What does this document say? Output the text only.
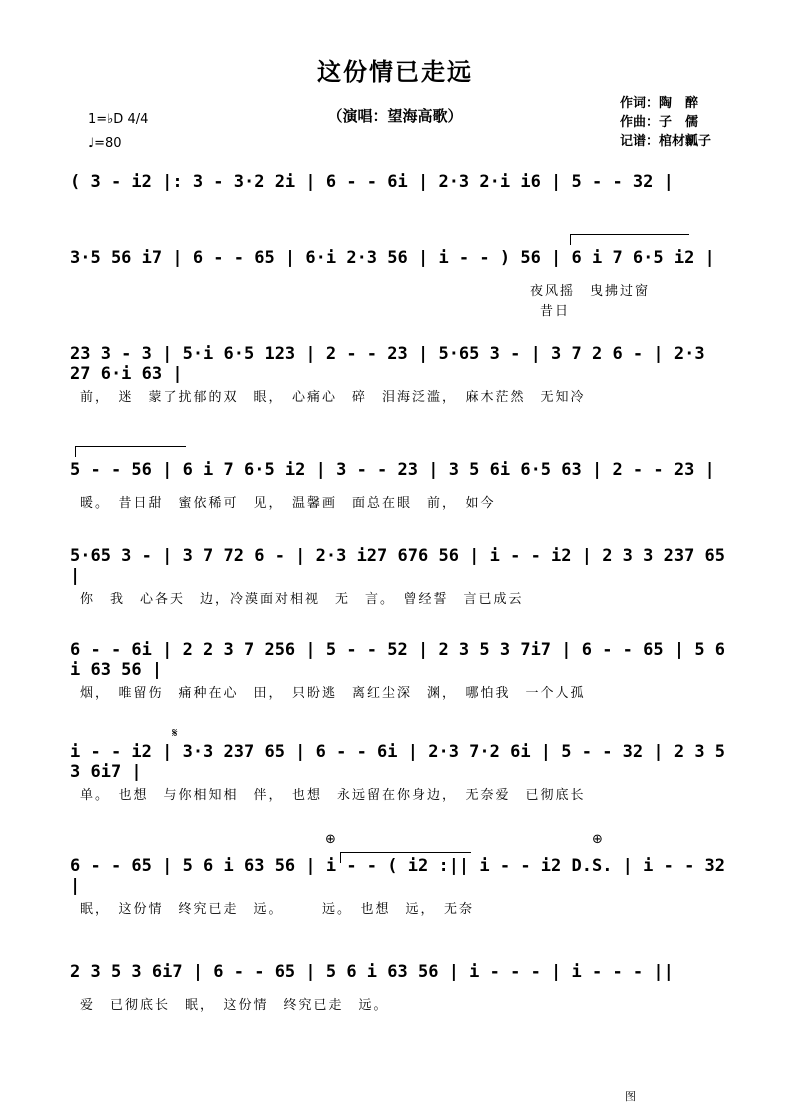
这份情已走远
（演唱：望海高歌）
作词：陶　醉
作曲：子　儒
记谱：棺材瓤子
1=♭D 4/4
♩=80
( 3 - i2 |: 3 - 3·2 2i | 6 - - 6i | 2·3 2·i i6 | 5 - - 32 |
3·5 56 i7 | 6 - - 65 | 6·i 2·3 56 | i - - ) 56 | 6 i 7 6·5 i2 |
夜风摇　曳拂过窗
昔日
23 3 - 3 | 5·i 6·5 123 | 2 - - 23 | 5·65 3 - | 3 7 2 6 - | 2·3 27 6·i 63 |
前，　迷　蒙了扰郁的双　眼，　心痛心　碎　泪海泛滥，　麻木茫然　无知冷
5 - - 56 | 6 i 7 6·5 i2 | 3 - - 23 | 3 5 6i 6·5 63 | 2 - - 23 |
暖。　昔日甜　蜜依稀可　见，　温馨画　面总在眼　前，　如今
5·65 3 - | 3 7 72 6 - | 2·3 i27 676 56 | i - - i2 | 2 3 3 237 65 |
你　我　心各天　边，冷漠面对相视　无　言。　曾经誓　言已成云
6 - - 6i | 2 2 3 7 256 | 5 - - 52 | 2 3 5 3 7i7 | 6 - - 65 | 5 6 i 63 56 |
烟，　唯留伤　痛种在心　田，　只盼逃　离红尘深　渊，　哪怕我　一个人孤
𝄋
i - - i2 | 3·3 237 65 | 6 - - 6i | 2·3 7·2 6i | 5 - - 32 | 2 3 5 3 6i7 |
单。　也想　与你相知相　伴，　也想　永远留在你身边，　无奈爱　已彻底长
⊕	⊕
6 - - 65 | 5 6 i 63 56 | i - - ( i2 :|| i - - i2 D.S. | i - - 32 |
眠，　这份情　终究已走　远。　　　远。　也想　远，　无奈
2 3 5 3 6i7 | 6 - - 65 | 5 6 i 63 56 | i - - - | i - - - ||
爱　已彻底长　眠，　这份情　终究已走　远。
图
